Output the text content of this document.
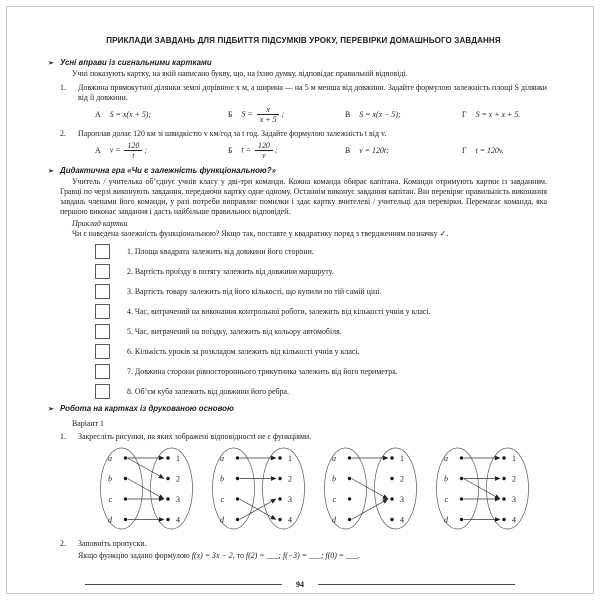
ПРИКЛАДИ ЗАВДАНЬ ДЛЯ ПІДБИТТЯ ПІДСУМКІВ УРОКУ, ПЕРЕВІРКИ ДОМАШНЬОГО ЗАВДАННЯ
➢ Усні вправи із сигнальними картками

Учні показують картку, на якій написано букву, що, на їхню думку, відповідає правильній відповіді.

1.	Довжина прямокутної ділянки землі дорівнює x м, а ширина — на 5 м менша від довжини. Задайте формулою залежність площі S ділянки від її довжини.
А S = x(x + 5);	Б $S = \frac{x}{x + 5}$ ;	В S = x(x − 5);	Г S = x + x + 5.
2.	Пароплав долає 120 км зі швидкістю v км/год за t год. Задайте формулою залежність t від v.
А $v = \frac{120}{t}$ ;	Б $t = \frac{120}{v}$ ;	В v = 120t;	Г t = 120v.
➢ Дидактична гра «Чи є залежність функціональною?»

Учитель / учителька об’єднує учнів класу у дві-три команди. Кожна команда обирає капітана. Команди отримують картки із завданням. Гравці по черзі виконують завдання, передаючи картку одне одному. Останнім виконує завдання капітан. Він перевіряє правильність виконання завдань членами його команди, у разі потреби виправляє помилки і здає картку вчителеві / учительці для перевірки. Перемагає команда, яка першою виконає завдання і дасть найбільше правильних відповідей.

Приклад картки

Чи є наведена залежність функціональною? Якщо так, поставте у квадратику поряд з твердженням позначку ✓.

1. Площа квадрата залежить від довжини його сторони.
2. Вартість проїзду в потягу залежить від довжини маршруту.
3. Вартість товару залежить від його кількості, що купили по тій самій ціні.
4. Час, витрачений на виконання контрольної роботи, залежить від кількості учнів у класі.
5. Час, витрачений на поїздку, залежить від кольору автомобіля.
6. Кількість уроків за розкладом залежить від кількості учнів у класі.
7. Довжина сторони рівностороннього трикутника залежить від його периметра.
8. Об’єм куба залежить від довжини його ребра.
➢ Робота на картках із друкованою основою
Варіант 1
1.	Закресліть рисунки, на яких зображені відповідності не є функціями.
a	1
b	2
c	3
d	4
a	1
b	2
c	3
d	4
a	1
b	2
c	3
d	4
a	1
b	2
c	3
d	4
2.	Заповніть пропуски.
Якщо функцію задано формулою f(x) = 3x − 2, то f(2) = ___; f(−3) = ___; f(0) = ___.
94
